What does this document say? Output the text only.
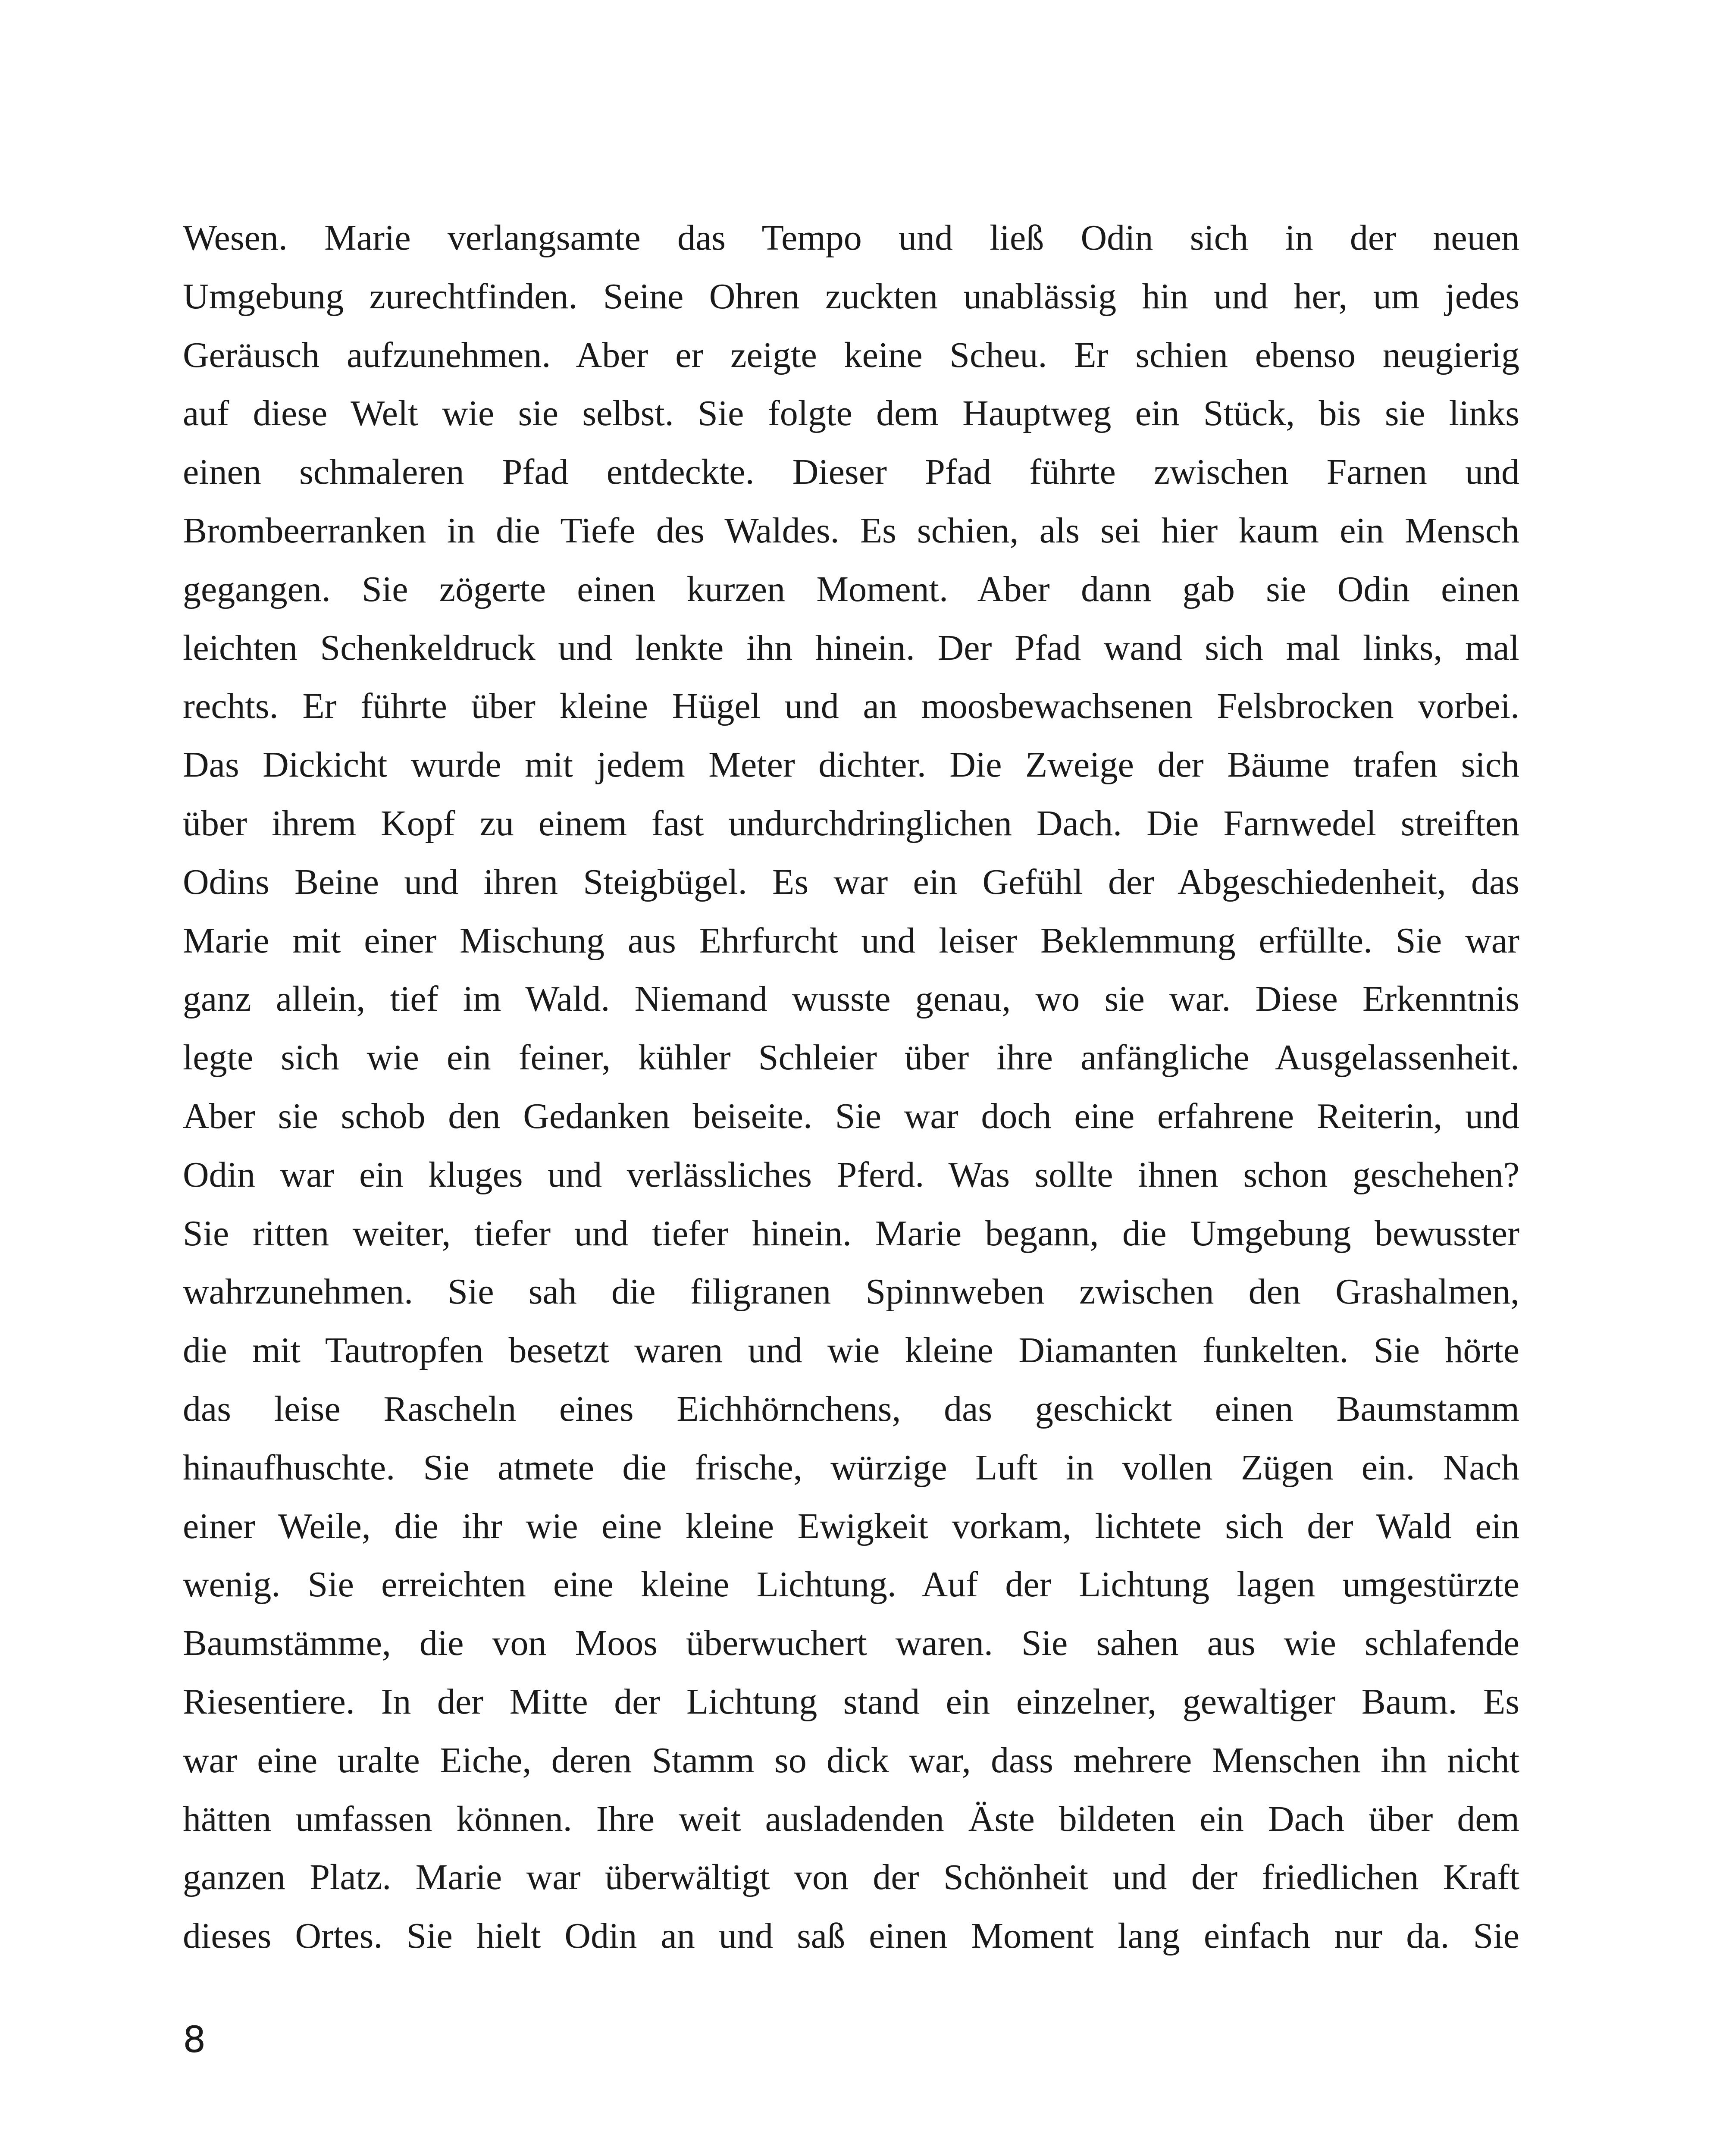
Wesen. Marie verlangsamte das Tempo und ließ Odin sich in der neuen
Umgebung zurechtfinden. Seine Ohren zuckten unablässig hin und her, um jedes
Geräusch aufzunehmen. Aber er zeigte keine Scheu. Er schien ebenso neugierig
auf diese Welt wie sie selbst. Sie folgte dem Hauptweg ein Stück, bis sie links
einen schmaleren Pfad entdeckte. Dieser Pfad führte zwischen Farnen und
Brombeerranken in die Tiefe des Waldes. Es schien, als sei hier kaum ein Mensch
gegangen. Sie zögerte einen kurzen Moment. Aber dann gab sie Odin einen
leichten Schenkeldruck und lenkte ihn hinein. Der Pfad wand sich mal links, mal
rechts. Er führte über kleine Hügel und an moosbewachsenen Felsbrocken vorbei.
Das Dickicht wurde mit jedem Meter dichter. Die Zweige der Bäume trafen sich
über ihrem Kopf zu einem fast undurchdringlichen Dach. Die Farnwedel streiften
Odins Beine und ihren Steigbügel. Es war ein Gefühl der Abgeschiedenheit, das
Marie mit einer Mischung aus Ehrfurcht und leiser Beklemmung erfüllte. Sie war
ganz allein, tief im Wald. Niemand wusste genau, wo sie war. Diese Erkenntnis
legte sich wie ein feiner, kühler Schleier über ihre anfängliche Ausgelassenheit.
Aber sie schob den Gedanken beiseite. Sie war doch eine erfahrene Reiterin, und
Odin war ein kluges und verlässliches Pferd. Was sollte ihnen schon geschehen?
Sie ritten weiter, tiefer und tiefer hinein. Marie begann, die Umgebung bewusster
wahrzunehmen. Sie sah die filigranen Spinnweben zwischen den Grashalmen,
die mit Tautropfen besetzt waren und wie kleine Diamanten funkelten. Sie hörte
das leise Rascheln eines Eichhörnchens, das geschickt einen Baumstamm
hinaufhuschte. Sie atmete die frische, würzige Luft in vollen Zügen ein. Nach
einer Weile, die ihr wie eine kleine Ewigkeit vorkam, lichtete sich der Wald ein
wenig. Sie erreichten eine kleine Lichtung. Auf der Lichtung lagen umgestürzte
Baumstämme, die von Moos überwuchert waren. Sie sahen aus wie schlafende
Riesentiere. In der Mitte der Lichtung stand ein einzelner, gewaltiger Baum. Es
war eine uralte Eiche, deren Stamm so dick war, dass mehrere Menschen ihn nicht
hätten umfassen können. Ihre weit ausladenden Äste bildeten ein Dach über dem
ganzen Platz. Marie war überwältigt von der Schönheit und der friedlichen Kraft
dieses Ortes. Sie hielt Odin an und saß einen Moment lang einfach nur da. Sie
8
